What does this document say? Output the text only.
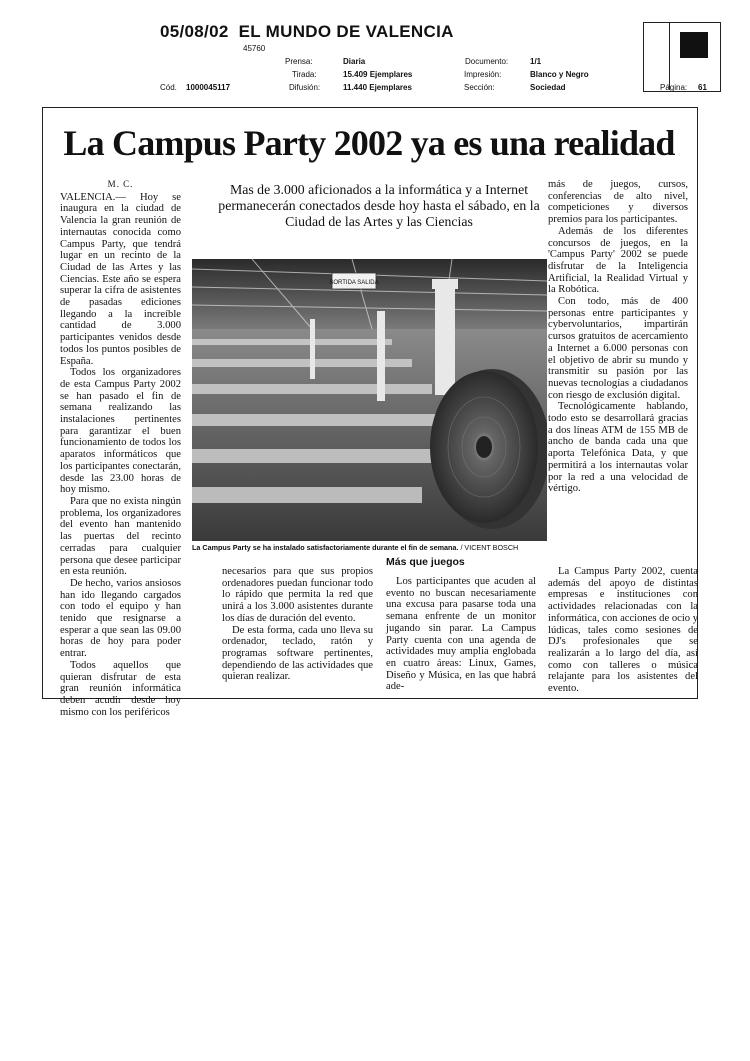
05/08/02 EL MUNDO DE VALENCIA
45760
Prensa:	Diaria
Tirada:	15.409 Ejemplares
Difusión:	11.440 Ejemplares
Cód. 1000045117
Documento:	1/1
Impresión:	Blanco y Negro
Sección:	Sociedad	Página: 61
La Campus Party 2002 ya es una realidad
M. C.

VALENCIA.— Hoy se inaugura en la ciudad de Valencia la gran reunión de internautas conocida como Campus Party, que tendrá lugar en un recinto de la Ciudad de las Artes y las Ciencias. Este año se espera superar la cifra de asistentes de pasadas ediciones llegando a la increíble cantidad de 3.000 participantes venidos desde todos los puntos posibles de España.

Todos los organizadores de esta Campus Party 2002 se han pasado el fin de semana realizando las instalaciones pertinentes para garantizar el buen funcionamiento de todos los aparatos informáticos que los participantes conectarán, desde las 23.00 horas de hoy mismo.

Para que no exista ningún problema, los organizadores del evento han mantenido las puertas del recinto cerradas para cualquier persona que desee participar en esta reunión.

De hecho, varios ansiosos han ido llegando cargados con todo el equipo y han tenido que resignarse a esperar a que sean las 09.00 horas de hoy para poder entrar.

Todos aquellos que quieran disfrutar de esta gran reunión informática deben acudir desde hoy mismo con los periféricos

Mas de 3.000 aficionados a la informática y a Internet permanecerán conectados desde hoy hasta el sábado, en la Ciudad de las Artes y las Ciencias
SORTIDA SALIDA
La Campus Party se ha instalado satisfactoriamente durante el fin de semana. / VICENT BOSCH

necesarios para que sus propios ordenadores puedan funcionar todo lo rápido que permita la red que unirá a los 3.000 asistentes durante los días de duración del evento.

De esta forma, cada uno lleva su ordenador, teclado, ratón y programas software pertinentes, dependiendo de las actividades que quieran realizar.

Más que juegos

Los participantes que acuden al evento no buscan necesariamente una excusa para pasarse toda una semana enfrente de un monitor jugando sin parar. La Campus Party cuenta con una agenda de actividades muy amplia englobada en cuatro áreas: Linux, Games, Diseño y Música, en las que habrá ade-

más de juegos, cursos, conferencias de alto nivel, competiciones y diversos premios para los participantes.

Además de los diferentes concursos de juegos, en la 'Campus Party' 2002 se puede disfrutar de la Inteligencia Artificial, la Realidad Virtual y la Robótica.

Con todo, más de 400 personas entre participantes y cybervoluntarios, impartirán cursos gratuitos de acercamiento a Internet a 6.000 personas con el objetivo de abrir su mundo y transmitir su pasión por las nuevas tecnologías a ciudadanos con riesgo de exclusión digital.

Tecnológicamente hablando, todo esto se desarrollará gracias a dos líneas ATM de 155 MB de ancho de banda cada una que aporta Telefónica Data, y que permitirá a los internautas volar por la red a una velocidad de vértigo.

La Campus Party 2002, cuenta además del apoyo de distintas empresas e instituciones con actividades relacionadas con la informática, con acciones de ocio y lúdicas, tales como sesiones de DJ's profesionales que se realizarán a lo largo del día, así como con talleres o música relajante para los asistentes del evento.
